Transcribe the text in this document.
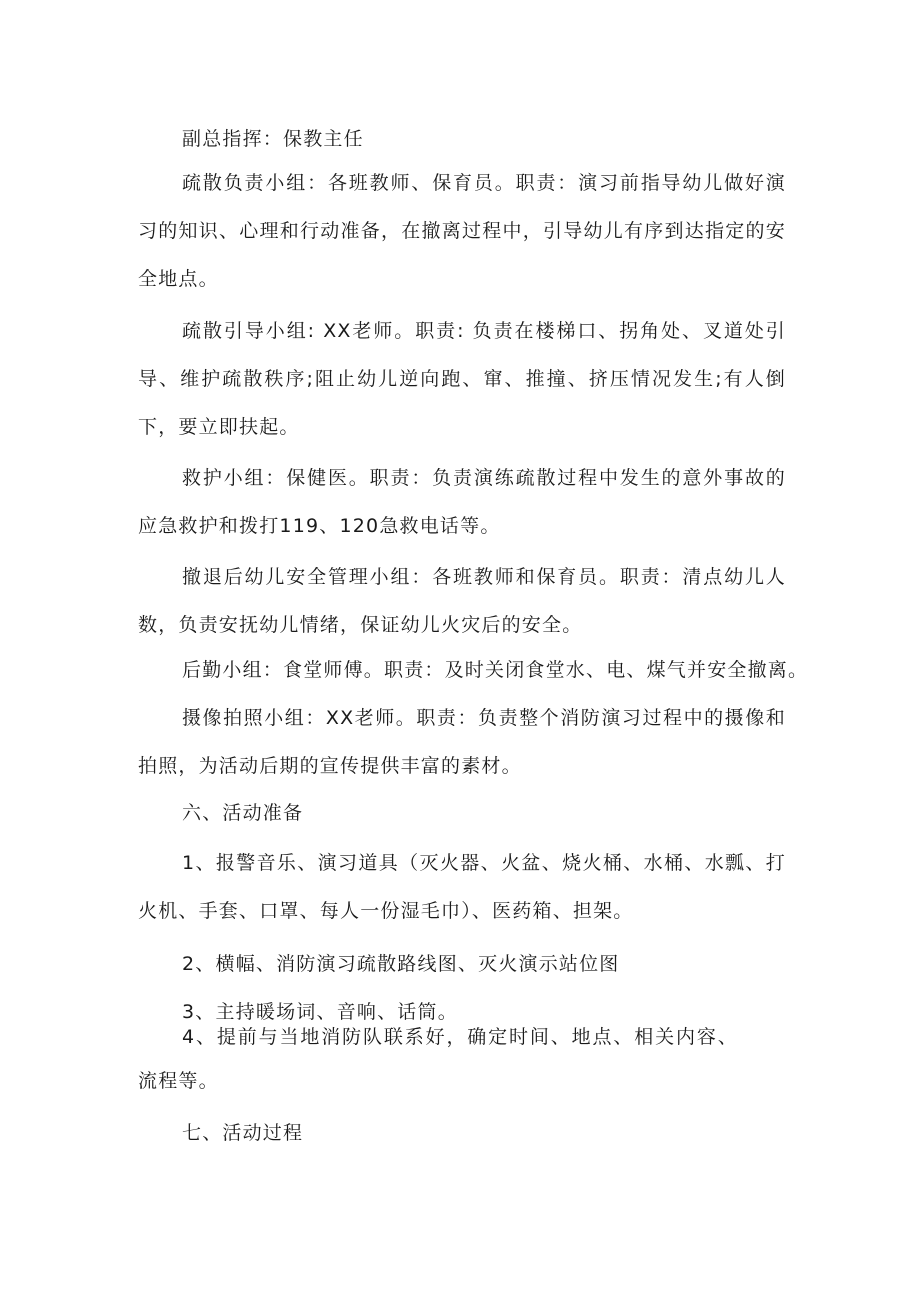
副总指挥：保教主任

疏散负责小组：各班教师、保育员。职责：演习前指导幼儿做好演习的知识、心理和行动准备，在撤离过程中，引导幼儿有序到达指定的安全地点。

疏散引导小组: XX老师。职责: 负责在楼梯口、拐角处、叉道处引导、维护疏散秩序;阻止幼儿逆向跑、窜、推撞、挤压情况发生;有人倒下，要立即扶起。

救护小组：保健医。职责：负责演练疏散过程中发生的意外事故的应急救护和拨打119、120急救电话等。

撤退后幼儿安全管理小组：各班教师和保育员。职责：清点幼儿人数，负责安抚幼儿情绪，保证幼儿火灾后的安全。

后勤小组：食堂师傅。职责：及时关闭食堂水、电、煤气并安全撤离。

摄像拍照小组：XX老师。职责：负责整个消防演习过程中的摄像和拍照，为活动后期的宣传提供丰富的素材。

六、活动准备

1、报警音乐、演习道具（灭火器、火盆、烧火桶、水桶、水瓢、打火机、手套、口罩、每人一份湿毛巾）、医药箱、担架。

2、横幅、消防演习疏散路线图、灭火演示站位图
3、主持暖场词、音响、话筒。

4、提前与当地消防队联系好，确定时间、地点、相关内容、流程等。

七、活动过程
